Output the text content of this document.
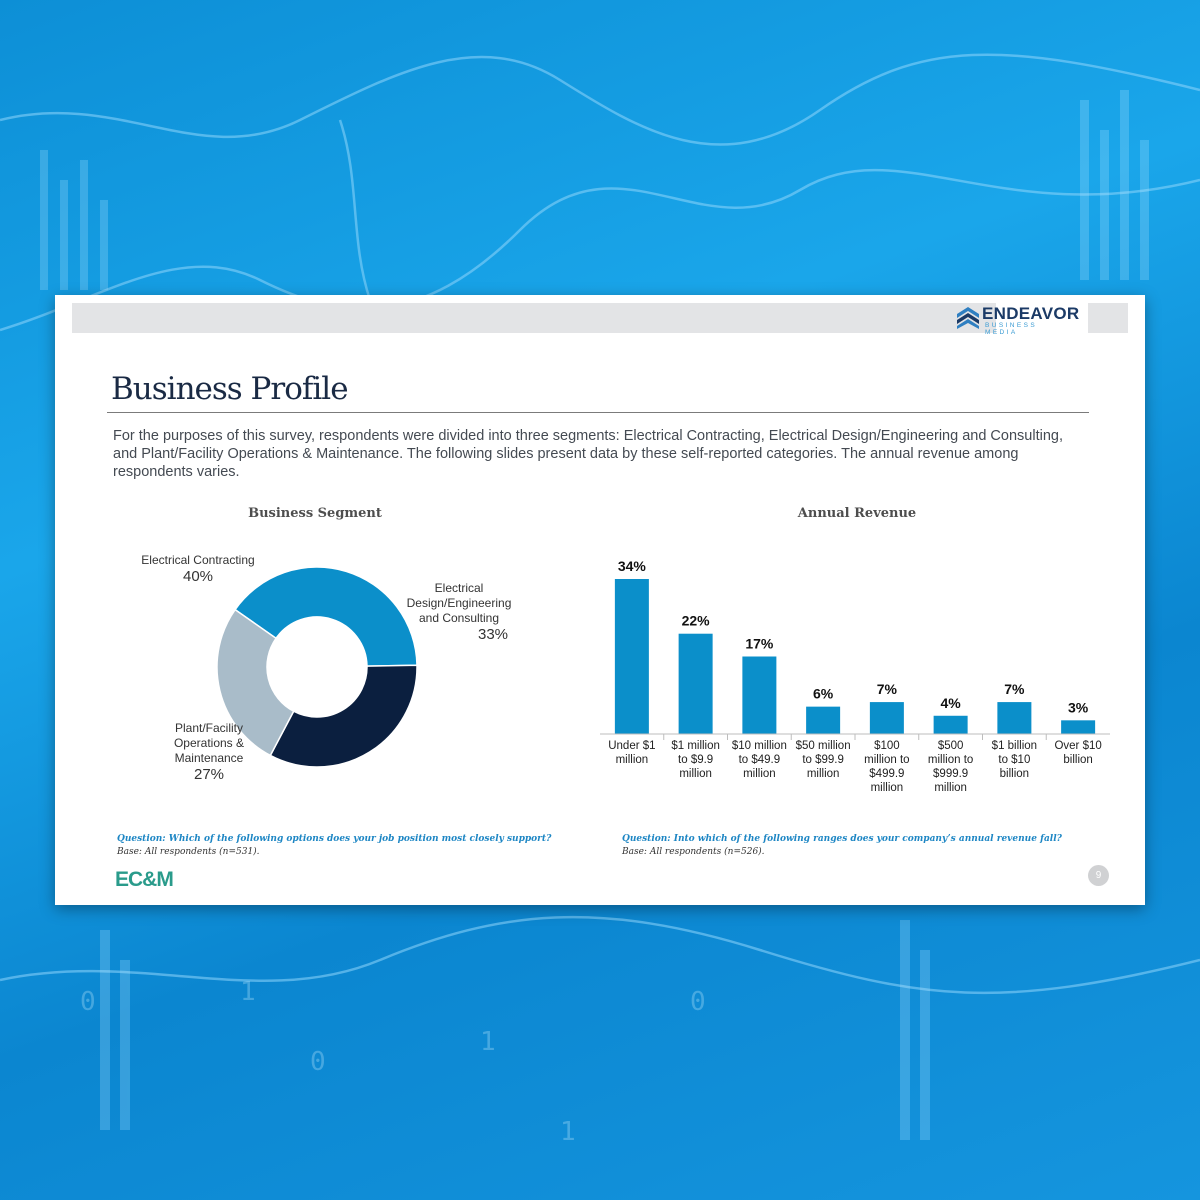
1
0
1
1
0
0
ENDEAVOR
BUSINESS MEDIA
Business Profile

For the purposes of this survey, respondents were divided into three segments: Electrical Contracting, Electrical Design/Engineering and Consulting, and Plant/Facility Operations & Maintenance. The following slides present data by these self-reported categories. The annual revenue among respondents varies.

Business Segment	Annual Revenue
Electrical Contracting
40%
Electrical
Design/Engineering
and Consulting
33%
Plant/Facility
Operations &
Maintenance
27%
34%
Under $1
million
22%
$1 million
to $9.9
million
17%
$10 million
to $49.9
million
6%
$50 million
to $99.9
million
7%
$100
million to
$499.9
million
4%
$500
million to
$999.9
million
7%
$1 billion
to $10
billion
3%
Over $10
billion
Question: Which of the following options does your job position most closely support?
Base: All respondents (n=531).
Question: Into which of the following ranges does your company’s annual revenue fall?
Base: All respondents (n=526).
EC&M	9
